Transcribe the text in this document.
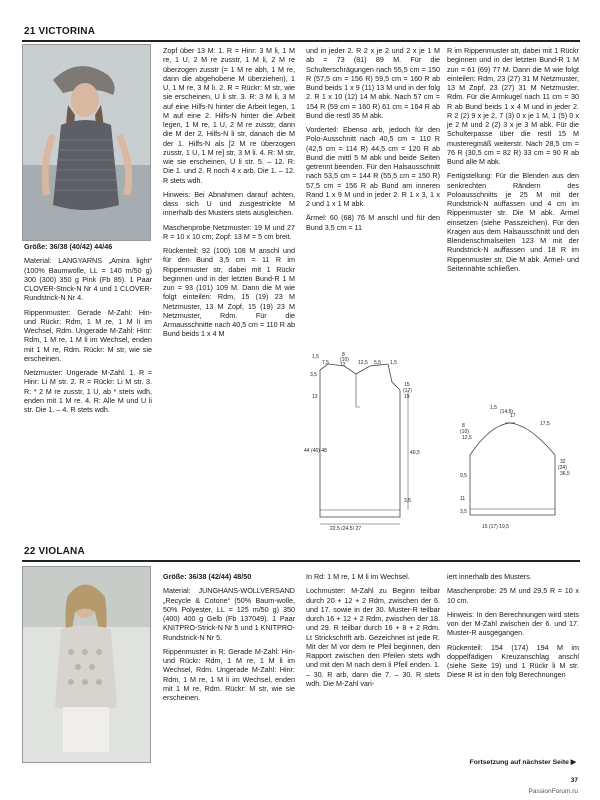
21 VICTORINA

Größe: 36/38 (40/42) 44/46

Material: LANGYARNS „Amira light“ (100% Baumwolle, LL = 140 m/50 g) 300 (300) 350 g Pink (Fb 85). 1 Paar CLOVER-Strick-N Nr 4 und 1 CLOVER-Rundstrick-N Nr 4.

Rippenmuster: Gerade M-Zahl: Hin- und Rückr: Rdm, 1 M re, 1 M li im Wechsel, Rdm. Ungerade M-Zahl: Hinr: Rdm, 1 M re, 1 M li im Wechsel, enden mit 1 M re, Rdm. Rückr: M str, wie sie erscheinen.

Netzmuster: Ungerade M-Zahl. 1. R = Hinr: Li M str. 2. R = Rückr: Li M str. 3. R: * 2 M re zusstr, 1 U, ab * stets wdh, enden mit 1 M re. 4. R: Alle M und U li str. Die 1. – 4. R stets wdh.

Zopf über 13 M: 1. R = Hinr: 3 M li, 1 M re, 1 U, 2 M re zusstr, 1 M li, 2 M re überzogen zusstr (= 1 M re abh, 1 M re, dann die abgehobene M überziehen), 1 U, 1 M re, 3 M li. 2. R = Rückr: M str, wie sie erscheinen, U li str. 3. R: 3 M li, 3 M auf eine Hilfs-N hinter die Arbeit legen, 1 M auf eine 2. Hilfs-N hinter die Arbeit legen, 1 M re, 1 U, 2 M re zusstr, dann die M der 2. Hilfs-N li str, danach die M der 1. Hilfs-N als [2 M re überzogen zusstr, 1 U, 1 M re] str, 3 M li. 4. R: M str, wie sie erscheinen, U li str. 5. – 12. R: Die 1. und 2. R noch 4 x arb. Die 1. – 12. R stets wdh.

Hinweis: Bei Abnahmen darauf achten, dass sich U und zusgestrickte M innerhalb des Musters stets ausgleichen.

Maschenprobe Netzmuster: 19 M und 27 R = 10 x 10 cm; Zopf: 13 M = 5 cm breit.

Rückenteil: 92 (100) 108 M anschl und für den Bund 3,5 cm = 11 R im Rippenmuster str, dabei mit 1 Rückr beginnen und in der letzten Bund-R 1 M zun = 93 (101) 109 M. Dann die M wie folgt einteilen: Rdm, 15 (19) 23 M Netzmuster, 13 M Zopf, 15 (19) 23 M Netzmuster, Rdm. Für die Armausschnitte nach 40,5 cm = 110 R ab Bund beids 1 x 4 M

und in jeder 2. R 2 x je 2 und 2 x je 1 M ab = 73 (81) 89 M. Für die Schulterschrägungen nach 55,5 cm = 150 R (57,5 cm = 156 R) 59,5 cm = 160 R ab Bund beids 1 x 9 (11) 13 M und in der folg 2. R 1 x 10 (12) 14 M abk. Nach 57 cm = 154 R (59 cm = 160 R) 61 cm = 164 R ab Bund die restl 35 M abk.

Vorderteil: Ebenso arb, jedoch für den Polo-Ausschnitt nach 40,5 cm = 110 R (42,5 cm = 114 R) 44,5 cm = 120 R ab Bund die mittl 5 M abk und beide Seiten getrennt beenden. Für den Halsausschnitt nach 53,5 cm = 144 R (55,5 cm = 150 R) 57,5 cm = 156 R ab Bund am inneren Rand 1 x 9 M und in jeder 2. R 1 x 3, 1 x 2 und 1 x 1 M abk.

Ärmel: 60 (68) 76 M anschl und für den Bund 3,5 cm = 11

R im Rippenmuster str, dabei mit 1 Rückr beginnen und in der letzten Bund-R 1 M zun = 61 (69) 77 M. Dann die M wie folgt einteilen: Rdm, 23 (27) 31 M Netzmuster, 13 M Zopf, 23 (27) 31 M Netzmuster, Rdm. Für die Armkugel nach 11 cm = 30 R ab Bund beids 1 x 4 M und in jeder 2. R 2 (2) 9 x je 2, 7 (3) 0 x je 1 M, 1 (5) 0 x je 2 M und 2 (2) 3 x je 3 M abk. Für die Schulterpasse über die restl 15 M musteregmäß weiterstr. Nach 28,5 cm = 76 R (30,5 cm = 82 R) 33 cm = 90 R ab Bund alle M abk.

Fertigstellung: Für die Blenden aus den senkrechten Rändern des Poloausschnitts je 25 M mit der Rundstrick-N auffassen und 4 cm im Rippenmuster str. Die M abk. Ärmel einsetzen (siehe Passzeichen). Für den Kragen aus dem Halsausschnitt und den Blendenschmalseiten 123 M mit der Rundstrick-N auffassen und 18 R im Rippenmuster str. Die M abk. Ärmel- und Seitennähte schließen.

1,5
7,5
8
(10)
12 12,5 5,5 1,5
3,5
13
15
(17)
19
44 (46) 48	40,5
3,5
22,5 (24,5) 27
1,5
(14,5)
17
8
(10)
12,5
17,5
9,5
11
3,5
32
(34)
36,5
15 (17) 19,5
22 VIOLANA

Größe: 36/38 (42/44) 48/50

Material: JUNGHANS-WOLLVERSAND „Recycle & Cotone“ (50% Baum-wolle, 50% Polyester, LL = 125 m/50 g) 350 (400) 400 g Gelb (Fb 137049). 1 Paar KNITPRO-Strick-N Nr 5 und 1 KNITPRO-Rundstrick-N Nr 5.

Rippenmuster in R: Gerade M-Zahl: Hin- und Rückr: Rdm, 1 M re, 1 M li im Wechsel, Rdm. Ungerade M-Zahl: Hinr: Rdm, 1 M re, 1 M li im Wechsel, enden mit 1 M re, Rdm. Rückr: M str, wie sie erscheinen.

In Rd: 1 M re, 1 M li im Wechsel.

Lochmuster: M-Zahl zu Beginn teilbar durch 20 + 12 + 2 Rdm, zwischen der 6. und 17. sowie in der 30. Muster-R teilbar durch 16 + 12 + 2 Rdm, zwischen der 18. und 29. R teilbar durch 16 + 8 + 2 Rdm. Lt Strickschrift arb. Gezeichnet ist jede R. Mit der M vor dem re Pfeil beginnen, den Rapport zwischen den Pfeilen stets wdh und mit den M nach dem li Pfeil enden. 1. – 30. R arb, dann die 7. – 30. R stets wdh. Die M-Zahl vari-

iert innerhalb des Musters.

Maschenprobe: 25 M und 29,5 R = 10 x 10 cm.

Hinweis: In den Berechnungen wird stets von der M-Zahl zwischen der 6. und 17. Muster-R ausgegangen.

Rückenteil: 154 (174) 194 M im doppelfädigen Kreuzanschlag anschl (siehe Seite 19) und 1 Rückr li M str. Diese R ist in den folg Berechnungen

Fortsetzung auf nächster Seite ▶
37
PassionForum.ru
